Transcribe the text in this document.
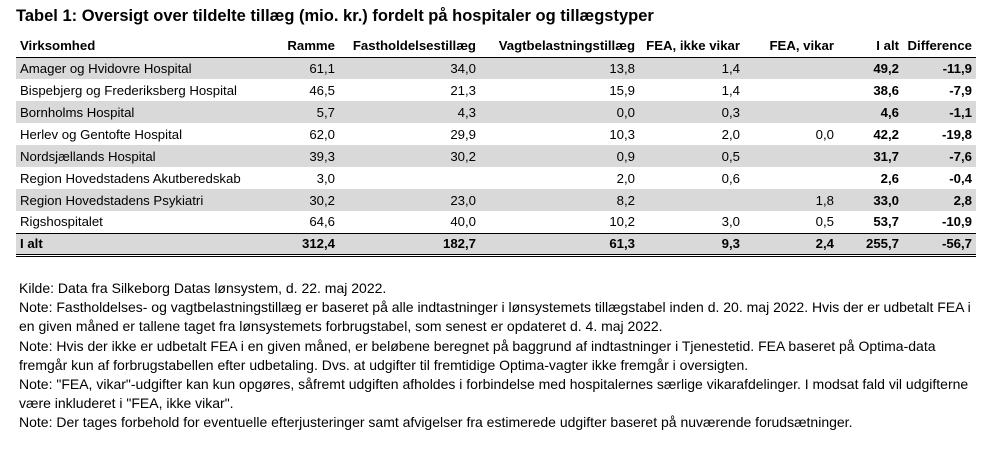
Tabel 1: Oversigt over tildelte tillæg (mio. kr.) fordelt på hospitaler og tillægstyper
Virksomhed	Ramme	Fastholdelsestillæg	Vagtbelastningstillæg	FEA, ikke vikar	FEA, vikar	I alt	Difference
Amager og Hvidovre Hospital	61,1	34,0	13,8	1,4		49,2	-11,9
Bispebjerg og Frederiksberg Hospital	46,5	21,3	15,9	1,4		38,6	-7,9
Bornholms Hospital	5,7	4,3	0,0	0,3		4,6	-1,1
Herlev og Gentofte Hospital	62,0	29,9	10,3	2,0	0,0	42,2	-19,8
Nordsjællands Hospital	39,3	30,2	0,9	0,5		31,7	-7,6
Region Hovedstadens Akutberedskab	3,0		2,0	0,6		2,6	-0,4
Region Hovedstadens Psykiatri	30,2	23,0	8,2		1,8	33,0	2,8
Rigshospitalet	64,6	40,0	10,2	3,0	0,5	53,7	-10,9
I alt	312,4	182,7	61,3	9,3	2,4	255,7	-56,7

Kilde: Data fra Silkeborg Datas lønsystem, d. 22. maj 2022.

Note: Fastholdelses- og vagtbelastningstillæg er baseret på alle indtastninger i lønsystemets tillægstabel inden d. 20. maj 2022. Hvis der er udbetalt FEA i en given måned er tallene taget fra lønsystemets forbrugstabel, som senest er opdateret d. 4. maj 2022.

Note: Hvis der ikke er udbetalt FEA i en given måned, er beløbene beregnet på baggrund af indtastninger i Tjenestetid. FEA baseret på Optima-data fremgår kun af forbrugstabellen efter udbetaling. Dvs. at udgifter til fremtidige Optima-vagter ikke fremgår i oversigten.

Note: "FEA, vikar"-udgifter kan kun opgøres, såfremt udgiften afholdes i forbindelse med hospitalernes særlige vikarafdelinger. I modsat fald vil udgifterne være inkluderet i "FEA, ikke vikar".

Note: Der tages forbehold for eventuelle efterjusteringer samt afvigelser fra estimerede udgifter baseret på nuværende forudsætninger.
